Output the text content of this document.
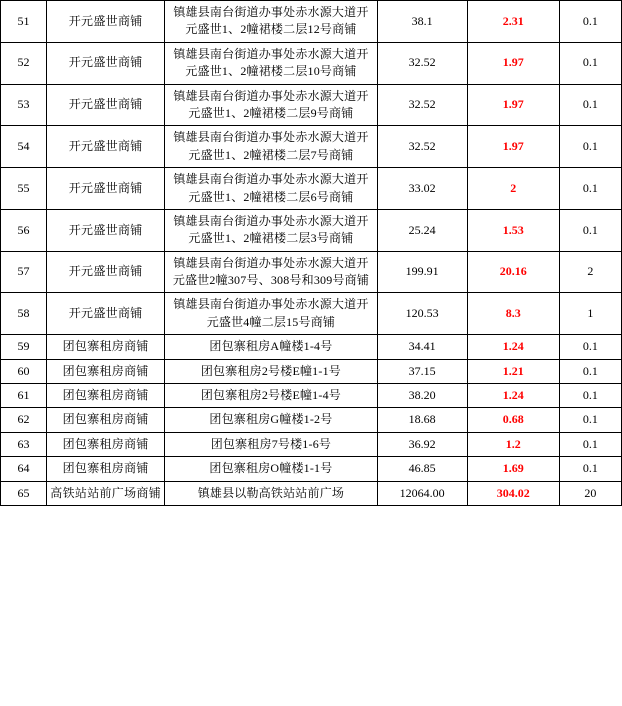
51	开元盛世商铺	镇雄县南台街道办事处赤水源大道开元盛世1、2幢裙楼二层12号商铺	38.1	2.31	0.1
52	开元盛世商铺	镇雄县南台街道办事处赤水源大道开元盛世1、2幢裙楼二层10号商铺	32.52	1.97	0.1
53	开元盛世商铺	镇雄县南台街道办事处赤水源大道开元盛世1、2幢裙楼二层9号商铺	32.52	1.97	0.1
54	开元盛世商铺	镇雄县南台街道办事处赤水源大道开元盛世1、2幢裙楼二层7号商铺	32.52	1.97	0.1
55	开元盛世商铺	镇雄县南台街道办事处赤水源大道开元盛世1、2幢裙楼二层6号商铺	33.02	2	0.1
56	开元盛世商铺	镇雄县南台街道办事处赤水源大道开元盛世1、2幢裙楼二层3号商铺	25.24	1.53	0.1
57	开元盛世商铺	镇雄县南台街道办事处赤水源大道开元盛世2幢307号、308号和309号商铺	199.91	20.16	2
58	开元盛世商铺	镇雄县南台街道办事处赤水源大道开元盛世4幢二层15号商铺	120.53	8.3	1
59	团包寨租房商铺	团包寨租房A幢楼1-4号	34.41	1.24	0.1
60	团包寨租房商铺	团包寨租房2号楼E幢1-1号	37.15	1.21	0.1
61	团包寨租房商铺	团包寨租房2号楼E幢1-4号	38.20	1.24	0.1
62	团包寨租房商铺	团包寨租房G幢楼1-2号	18.68	0.68	0.1
63	团包寨租房商铺	团包寨租房7号楼1-6号	36.92	1.2	0.1
64	团包寨租房商铺	团包寨租房O幢楼1-1号	46.85	1.69	0.1
65	高铁站站前广场商铺	镇雄县以勒高铁站站前广场	12064.00	304.02	20
